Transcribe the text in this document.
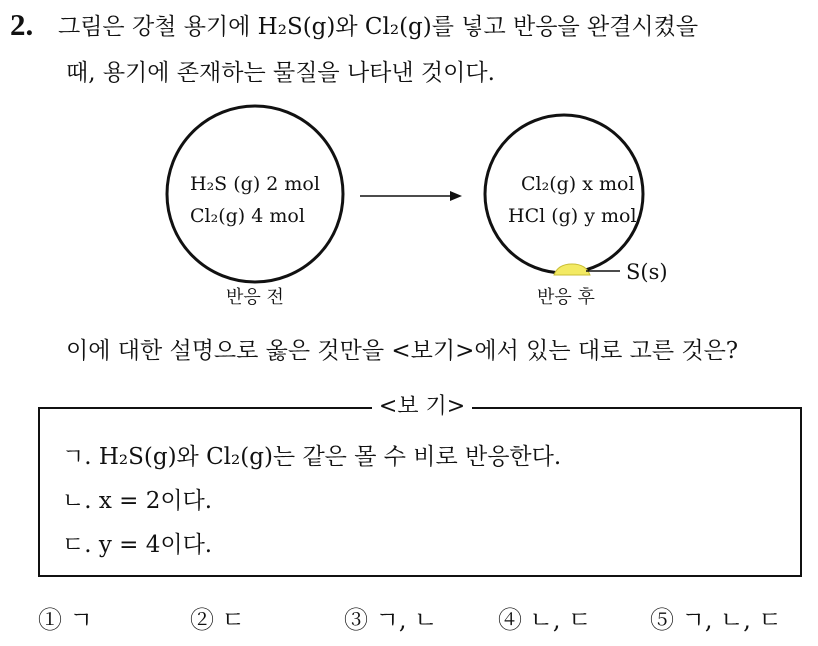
2. 그림은 강철 용기에 H₂S(g)와 Cl₂(g)를 넣고 반응을 완결시켰을
때, 용기에 존재하는 물질을 나타낸 것이다.
H₂S (g) 2 mol
Cl₂(g) 4 mol
반응 전
S(s)
Cl₂(g) x mol
HCl (g) y mol
반응 후
이에 대한 설명으로 옳은 것만을 <보기>에서 있는 대로 고른 것은?
<보 기>
ㄱ. H₂S(g)와 Cl₂(g)는 같은 몰 수 비로 반응한다.
ㄴ. x = 2이다.
ㄷ. y = 4이다.
① ㄱ	② ㄷ	③ ㄱ, ㄴ	④ ㄴ, ㄷ ⑤ ㄱ, ㄴ, ㄷ
